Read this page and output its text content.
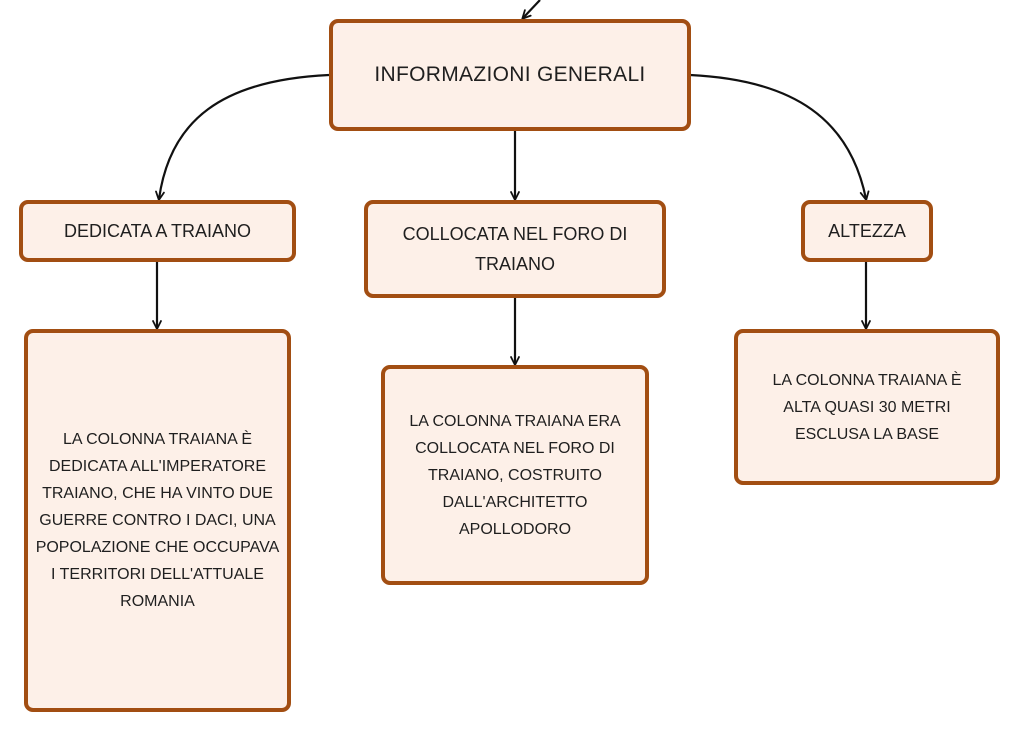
INFORMAZIONI GENERALI
DEDICATA A TRAIANO	COLLOCATA NEL FORO DI TRAIANO
ALTEZZA
LA COLONNA TRAIANA È DEDICATA ALL'IMPERATORE TRAIANO, CHE HA VINTO DUE GUERRE CONTRO I DACI, UNA POPOLAZIONE CHE OCCUPAVA I TERRITORI DELL'ATTUALE ROMANIA
LA COLONNA TRAIANA ERA COLLOCATA NEL FORO DI TRAIANO, COSTRUITO DALL'ARCHITETTO APOLLODORO
LA COLONNA TRAIANA È ALTA QUASI 30 METRI ESCLUSA LA BASE
